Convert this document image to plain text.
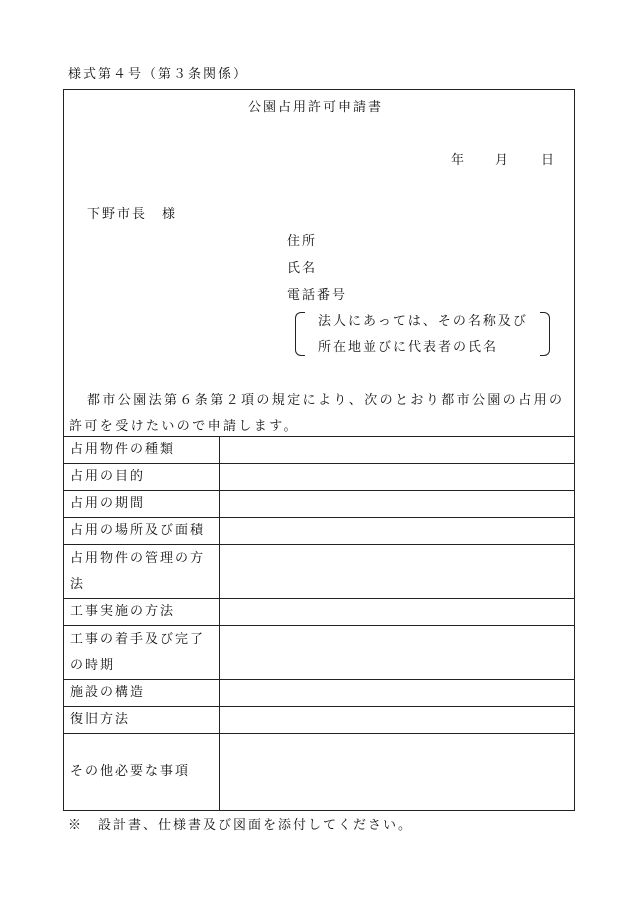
様式第４号（第３条関係）
公園占用許可申請書
年 月 日
下野市長　様
住所
氏名
電話番号
法人にあっては、その名称及び
所在地並びに代表者の氏名
都市公園法第６条第２項の規定により、次のとおり都市公園の占用の
許可を受けたいので申請します。
占用物件の種類	
占用の目的	
占用の期間	
占用の場所及び面積	
占用物件の管理の方法	
工事実施の方法	
工事の着手及び完了の時期	
施設の構造	
復旧方法	
その他必要な事項	
※　設計書、仕様書及び図面を添付してください。
